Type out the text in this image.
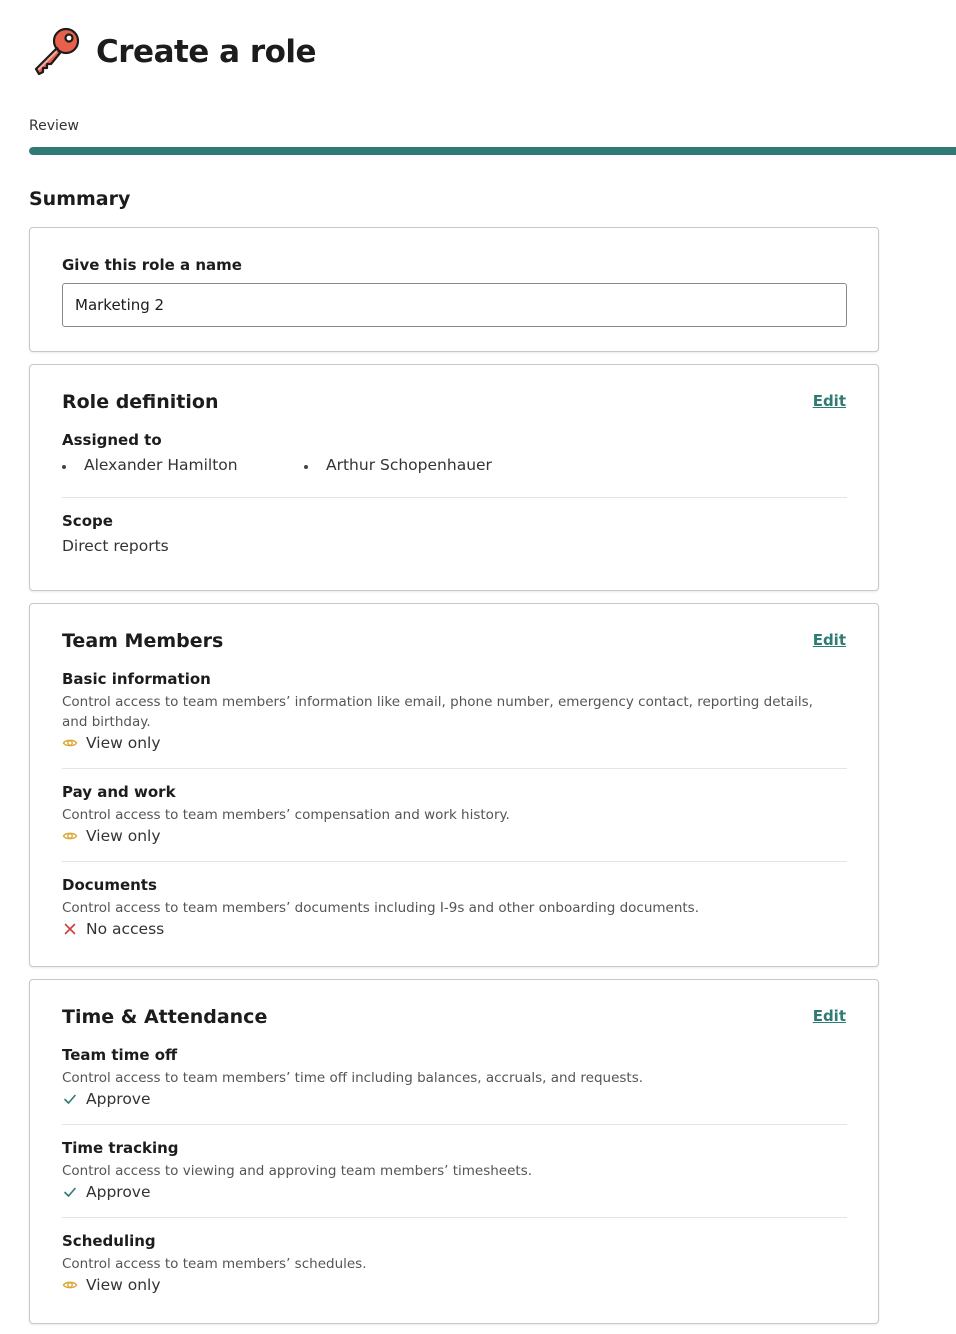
Create a role
Review
Summary
Give this role a name
Marketing 2
Role definition	Edit
Assigned to
Alexander Hamilton	Arthur Schopenhauer
Scope
Direct reports
Team Members	Edit
Basic information
Control access to team members’ information like email, phone number, emergency contact, reporting details, and birthday.
View only
Pay and work
Control access to team members’ compensation and work history.
View only
Documents
Control access to team members’ documents including I-9s and other onboarding documents.
No access
Time & Attendance	Edit
Team time off
Control access to team members’ time off including balances, accruals, and requests.
Approve
Time tracking
Control access to viewing and approving team members’ timesheets.
Approve
Scheduling
Control access to team members’ schedules.
View only
